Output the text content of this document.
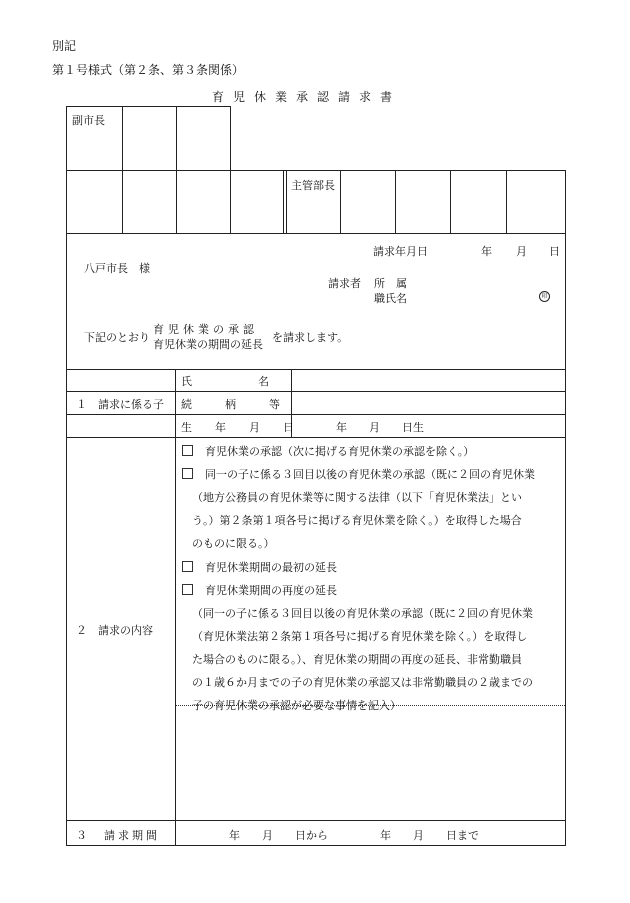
別記
第１号様式（第２条、第３条関係）
育児休業承認請求書
副市長
主管部長
請求年月日	年 月 日
八戸市長　様
請求者 所　属
職氏名	印
下記のとおり
育児休業の承認
育児休業の期間の延長
を請求します。
１　請求に係る子
氏　　　　　　名
続　　　柄　　　等
生　年　月　日	年　　月　　日生
２　請求の内容
育児休業の承認（次に掲げる育児休業の承認を除く。）
同一の子に係る３回目以後の育児休業の承認（既に２回の育児休業
（地方公務員の育児休業等に関する法律（以下「育児休業法」とい
う。）第２条第１項各号に掲げる育児休業を除く。）を取得した場合
のものに限る。）
育児休業期間の最初の延長
育児休業期間の再度の延長
（同一の子に係る３回目以後の育児休業の承認（既に２回の育児休業
（育児休業法第２条第１項各号に掲げる育児休業を除く。）を取得し
た場合のものに限る。）、育児休業の期間の再度の延長、非常勤職員
の１歳６か月までの子の育児休業の承認又は非常勤職員の２歳までの
子の育児休業の承認が必要な事情を記入）
３　請求期間	年　　月　　日から	年　　月　　日まで
